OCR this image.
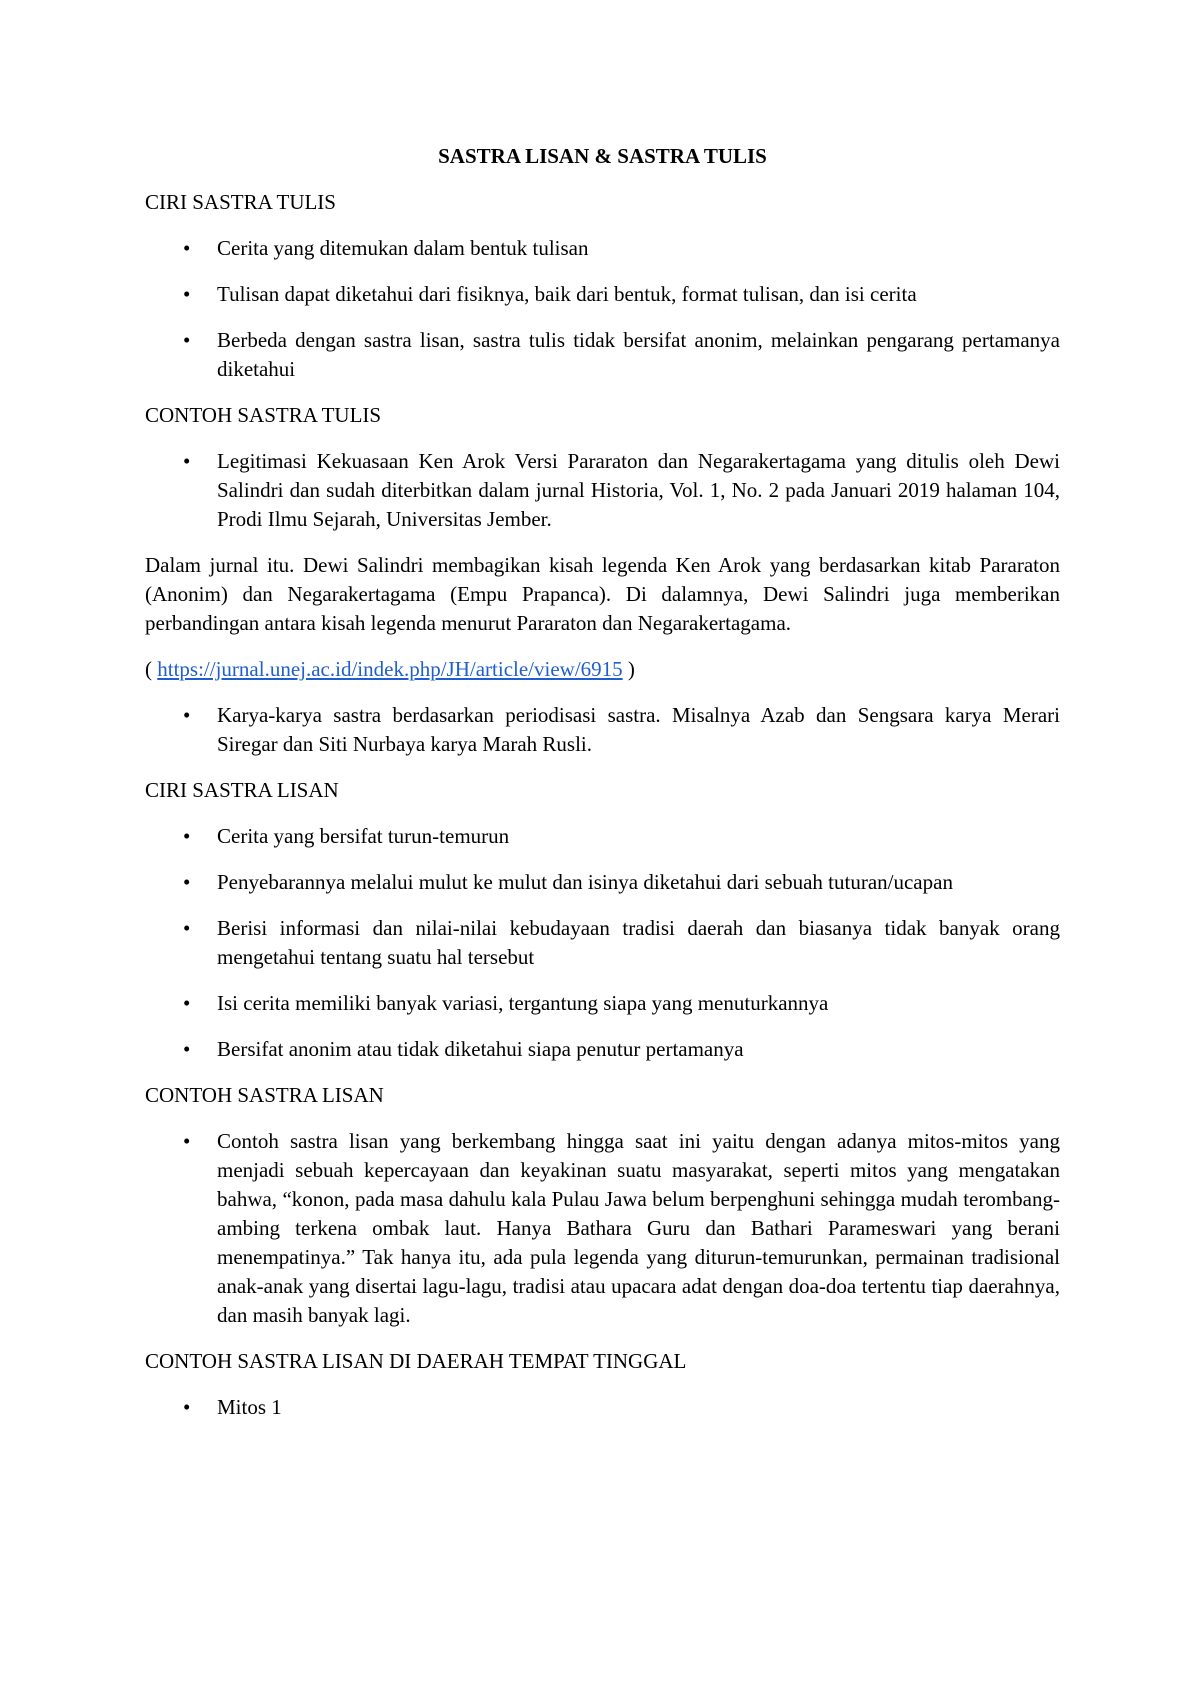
SASTRA LISAN & SASTRA TULIS
CIRI SASTRA TULIS
•	Cerita yang ditemukan dalam bentuk tulisan
•	Tulisan dapat diketahui dari fisiknya, baik dari bentuk, format tulisan, dan isi cerita
•	Berbeda dengan sastra lisan, sastra tulis tidak bersifat anonim, melainkan pengarang pertamanya diketahui
CONTOH SASTRA TULIS
•	Legitimasi Kekuasaan Ken Arok Versi Pararaton dan Negarakertagama yang ditulis oleh Dewi Salindri dan sudah diterbitkan dalam jurnal Historia, Vol. 1, No. 2 pada Januari 2019 halaman 104, Prodi Ilmu Sejarah, Universitas Jember.
Dalam jurnal itu. Dewi Salindri membagikan kisah legenda Ken Arok yang berdasarkan kitab Pararaton (Anonim) dan Negarakertagama (Empu Prapanca). Di dalamnya, Dewi Salindri juga memberikan perbandingan antara kisah legenda menurut Pararaton dan Negarakertagama.
( https://jurnal.unej.ac.id/indek.php/JH/article/view/6915 )
•	Karya-karya sastra berdasarkan periodisasi sastra. Misalnya Azab dan Sengsara karya Merari Siregar dan Siti Nurbaya karya Marah Rusli.
CIRI SASTRA LISAN
•	Cerita yang bersifat turun-temurun
•	Penyebarannya melalui mulut ke mulut dan isinya diketahui dari sebuah tuturan/ucapan
•	Berisi informasi dan nilai-nilai kebudayaan tradisi daerah dan biasanya tidak banyak orang mengetahui tentang suatu hal tersebut
•	Isi cerita memiliki banyak variasi, tergantung siapa yang menuturkannya
•	Bersifat anonim atau tidak diketahui siapa penutur pertamanya
CONTOH SASTRA LISAN
•	Contoh sastra lisan yang berkembang hingga saat ini yaitu dengan adanya mitos-mitos yang menjadi sebuah kepercayaan dan keyakinan suatu masyarakat, seperti mitos yang mengatakan bahwa, “konon, pada masa dahulu kala Pulau Jawa belum berpenghuni sehingga mudah terombang-ambing terkena ombak laut. Hanya Bathara Guru dan Bathari Parameswari yang berani menempatinya.” Tak hanya itu, ada pula legenda yang diturun-temurunkan, permainan tradisional anak-anak yang disertai lagu-lagu, tradisi atau upacara adat dengan doa-doa tertentu tiap daerahnya, dan masih banyak lagi.
CONTOH SASTRA LISAN DI DAERAH TEMPAT TINGGAL
•	Mitos 1
